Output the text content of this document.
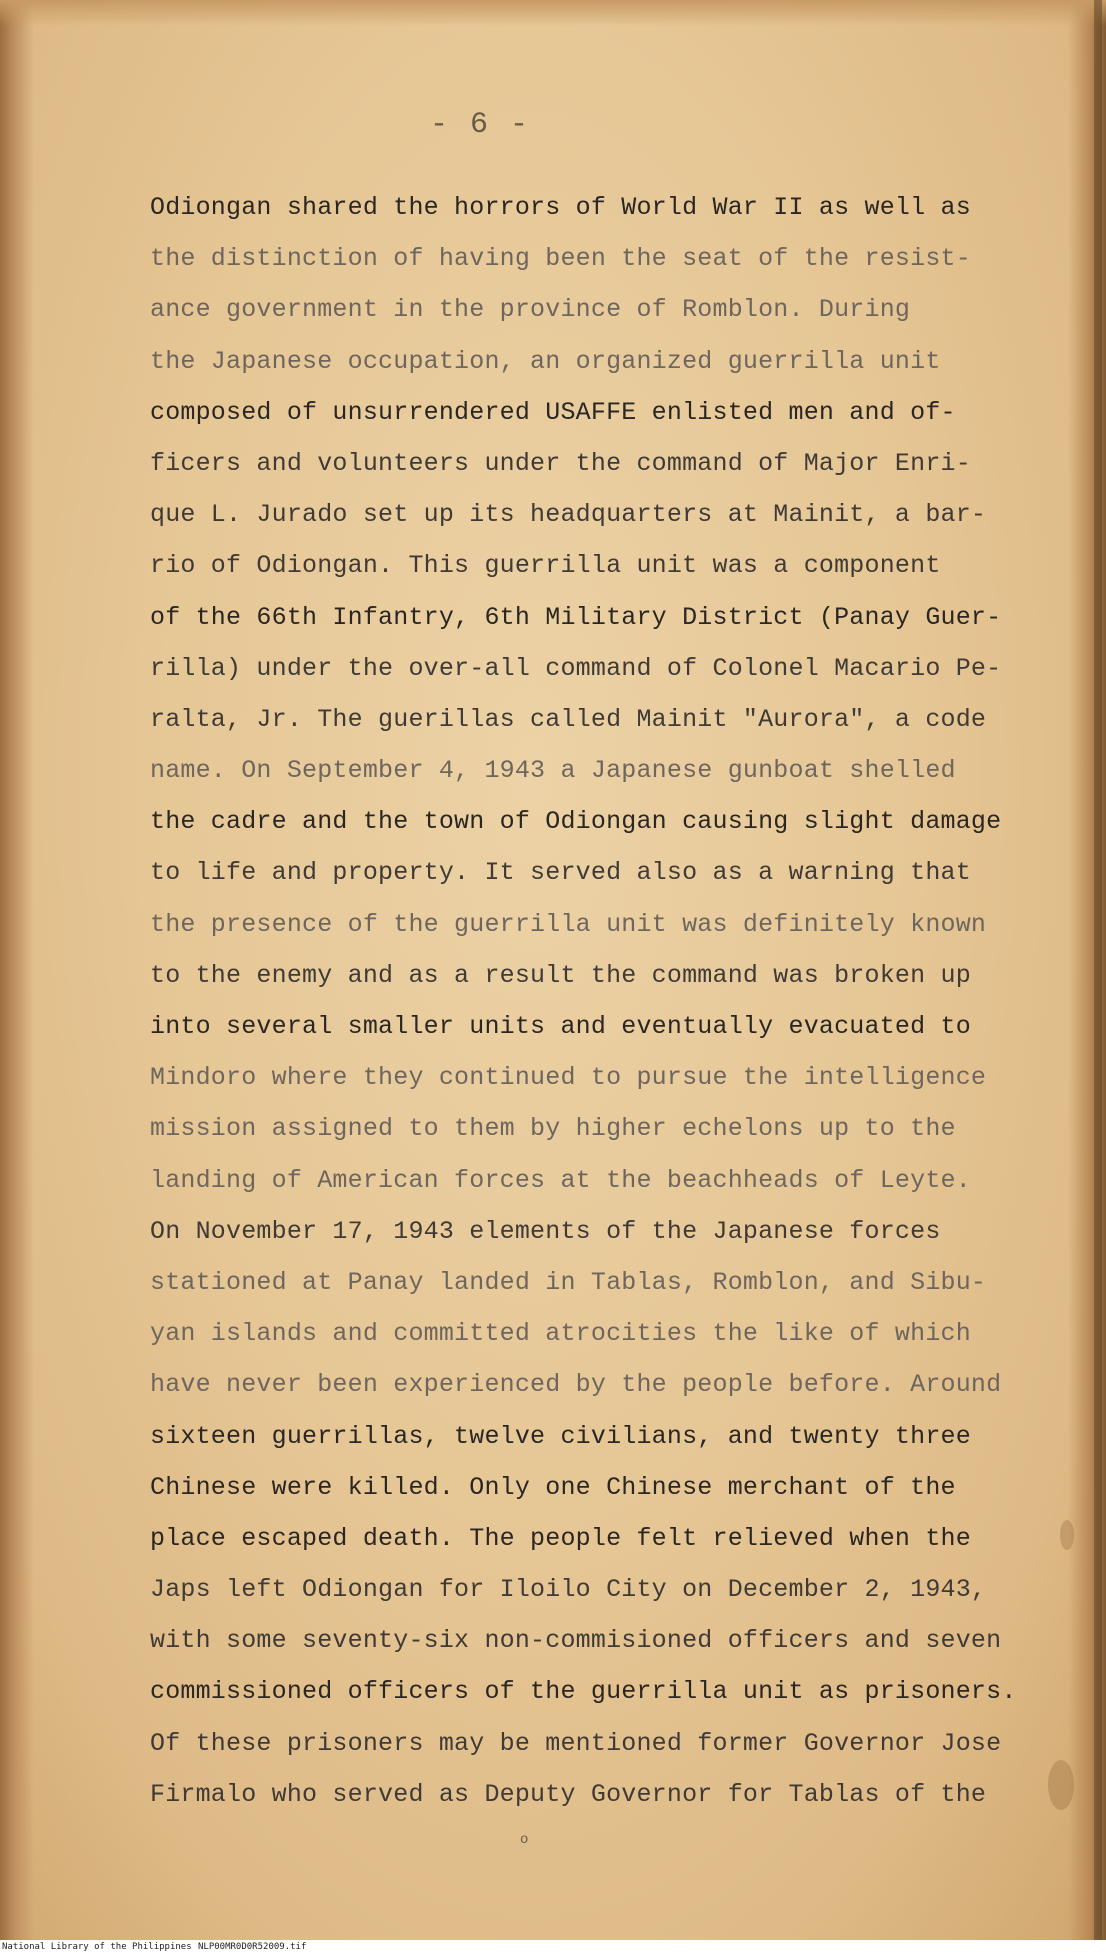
- 6 -
Odiongan shared the horrors of World War II as well as
the distinction of having been the seat of the resist-
ance government in the province of Romblon. During
the Japanese occupation, an organized guerrilla unit
composed of unsurrendered USAFFE enlisted men and of-
ficers and volunteers under the command of Major Enri-
que L. Jurado set up its headquarters at Mainit, a bar-
rio of Odiongan. This guerrilla unit was a component
of the 66th Infantry, 6th Military District (Panay Guer-
rilla) under the over-all command of Colonel Macario Pe-
ralta, Jr. The guerillas called Mainit "Aurora", a code
name. On September 4, 1943 a Japanese gunboat shelled
the cadre and the town of Odiongan causing slight damage
to life and property. It served also as a warning that
the presence of the guerrilla unit was definitely known
to the enemy and as a result the command was broken up
into several smaller units and eventually evacuated to
Mindoro where they continued to pursue the intelligence
mission assigned to them by higher echelons up to the
landing of American forces at the beachheads of Leyte.
On November 17, 1943 elements of the Japanese forces
stationed at Panay landed in Tablas, Romblon, and Sibu-
yan islands and committed atrocities the like of which
have never been experienced by the people before. Around
sixteen guerrillas, twelve civilians, and twenty three
Chinese were killed. Only one Chinese merchant of the
place escaped death. The people felt relieved when the
Japs left Odiongan for Iloilo City on December 2, 1943,
with some seventy-six non-commisioned officers and seven
commissioned officers of the guerrilla unit as prisoners.
Of these prisoners may be mentioned former Governor Jose
Firmalo who served as Deputy Governor for Tablas of the
o
National Library of the Philippines NLP00MR0D0R52009.tif
